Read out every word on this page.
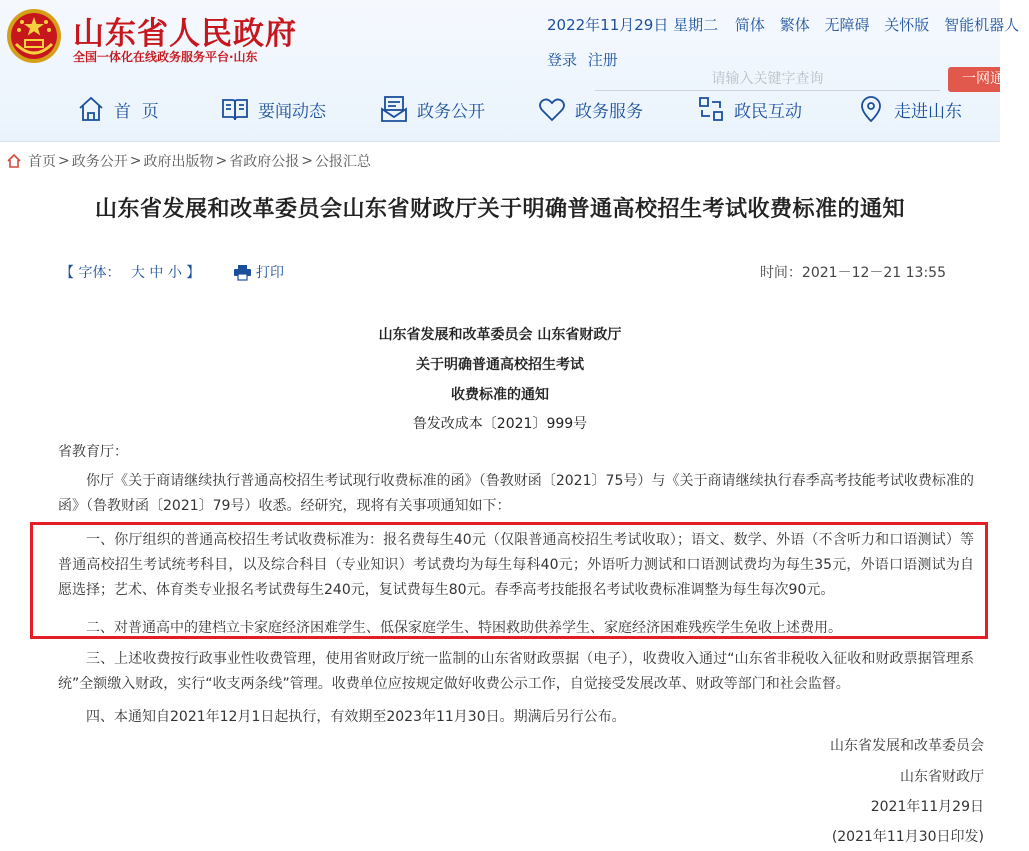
山东省人民政府
全国一体化在线政务服务平台·山东
2022年11月29日 星期二 简体 繁体 无障碍 关怀版 智能机器人
登录 注册
请输入关键字查询
一网通
首  页	要闻动态	政务公开	政务服务	政民互动	走进山东
首页 > 政务公开 > 政府出版物 > 省政府公报 > 公报汇总
山东省发展和改革委员会山东省财政厅关于明确普通高校招生考试收费标准的通知
【 字体： 大 中 小 】	打印	时间：2021－12－21 13:55
山东省发展和改革委员会 山东省财政厅
关于明确普通高校招生考试
收费标准的通知
鲁发改成本〔2021〕999号
省教育厅：
你厅《关于商请继续执行普通高校招生考试现行收费标准的函》（鲁教财函〔2021〕75号）与《关于商请继续执行春季高考技能考试收费标准的函》（鲁教财函〔2021〕79号）收悉。经研究，现将有关事项通知如下：
一、你厅组织的普通高校招生考试收费标准为：报名费每生40元（仅限普通高校招生考试收取）；语文、数学、外语（不含听力和口语测试）等普通高校招生考试统考科目，以及综合科目（专业知识）考试费均为每生每科40元；外语听力测试和口语测试费均为每生35元，外语口语测试为自愿选择；艺术、体育类专业报名考试费每生240元，复试费每生80元。春季高考技能报名考试收费标准调整为每生每次90元。
二、对普通高中的建档立卡家庭经济困难学生、低保家庭学生、特困救助供养学生、家庭经济困难残疾学生免收上述费用。
三、上述收费按行政事业性收费管理，使用省财政厅统一监制的山东省财政票据（电子），收费收入通过“山东省非税收入征收和财政票据管理系统”全额缴入财政，实行“收支两条线”管理。收费单位应按规定做好收费公示工作，自觉接受发展改革、财政等部门和社会监督。
四、本通知自2021年12月1日起执行，有效期至2023年11月30日。期满后另行公布。
山东省发展和改革委员会
山东省财政厅
2021年11月29日
(2021年11月30日印发)
